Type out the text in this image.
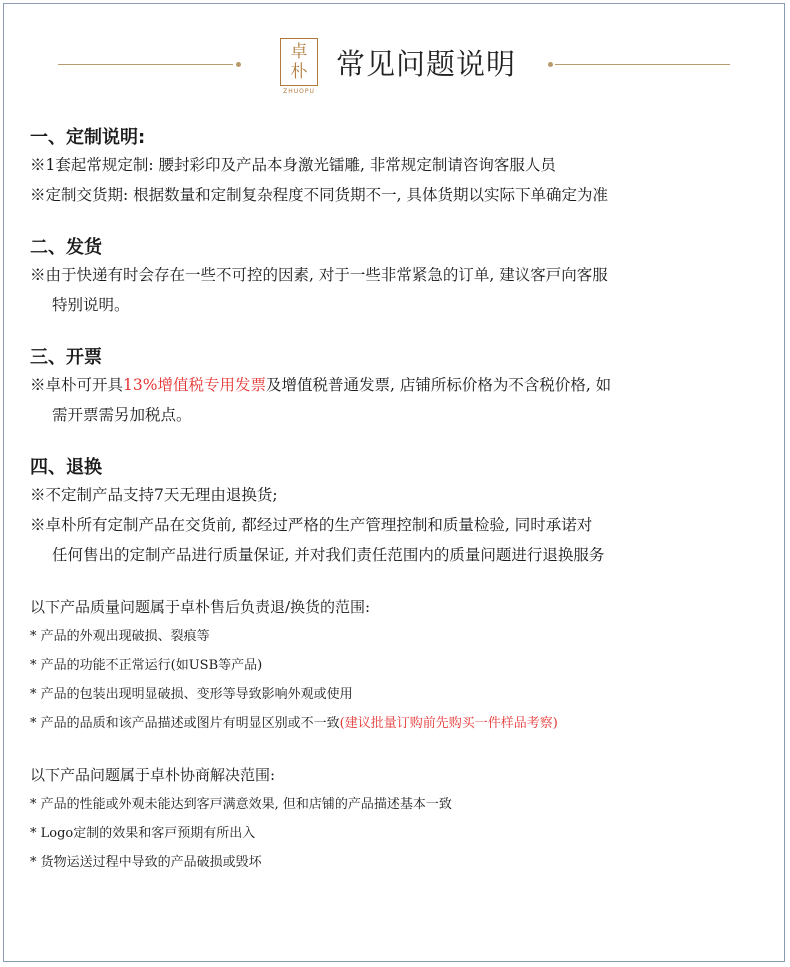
卓
朴
ZHUOPU
常见问题说明

一、定制说明:

※1套起常规定制: 腰封彩印及产品本身激光镭雕, 非常规定制请咨询客服人员

※定制交货期: 根据数量和定制复杂程度不同货期不一, 具体货期以实际下单确定为准

二、发货

※由于快递有时会存在一些不可控的因素, 对于一些非常紧急的订单, 建议客戸向客服

特别说明。

三、开票

※卓朴可开具13%增值税专用发票及增值税普通发票, 店铺所标价格为不含税价格, 如

需开票需另加税点。

四、退换

※不定制产品支持7天无理由退换货;

※卓朴所有定制产品在交货前, 都经过严格的生产管理控制和质量检验, 同时承诺对

任何售出的定制产品进行质量保证, 并对我们责任范围内的质量问题进行退换服务

以下产品质量问题属于卓朴售后负责退/换货的范围:

* 产品的外观出现破损、裂痕等

* 产品的功能不正常运行(如USB等产品)

* 产品的包装出现明显破损、变形等导致影响外观或使用

* 产品的品质和该产品描述或图片有明显区别或不一致(建议批量订购前先购买一件样品考察)

以下产品问题属于卓朴协商解决范围:

* 产品的性能或外观未能达到客戸满意效果, 但和店铺的产品描述基本一致

* Logo定制的效果和客戸预期有所出入

* 货物运送过程中导致的产品破损或毁坏
